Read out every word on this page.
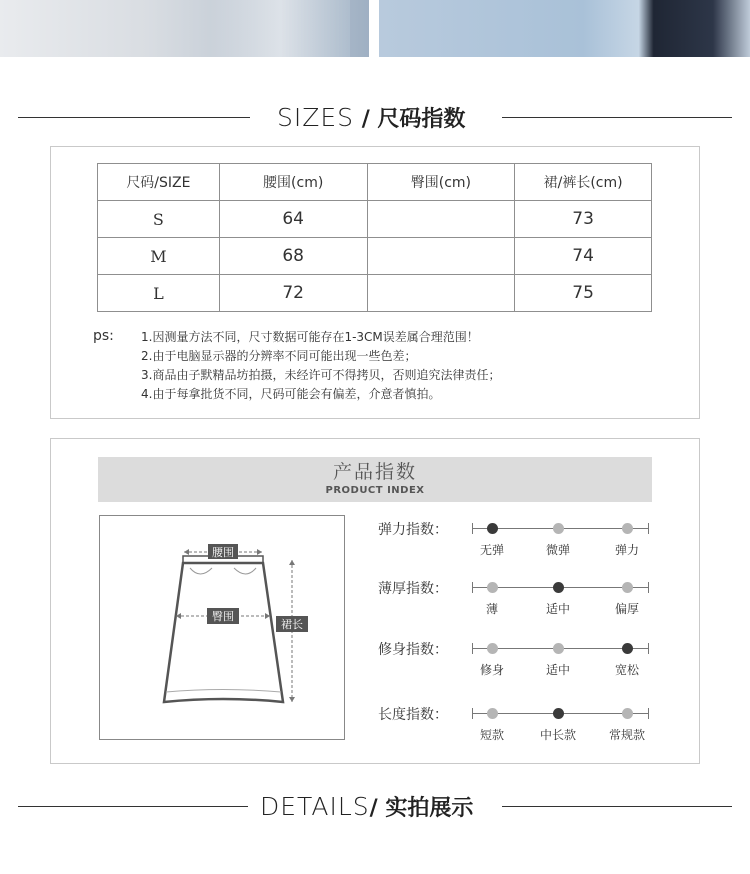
SIZES / 尺码指数
尺码/SIZE	腰围(cm)	臀围(cm)	裙/裤长(cm)
S	64		73
M	68		74
L	72		75
ps: 1.因测量方法不同，尺寸数据可能存在1-3CM误差属合理范围！
2.由于电脑显示器的分辨率不同可能出现一些色差；
3.商品由子默精品坊拍摄，未经许可不得拷贝，否则追究法律责任；
4.由于每拿批货不同，尺码可能会有偏差，介意者慎拍。
产品指数
PRODUCT INDEX
腰围
臀围
裙长
弹力指数：
无弹	微弹	弹力
薄厚指数：
薄	适中	偏厚
修身指数：
修身	适中	宽松
长度指数：
短款	中长款	常规款
DETAILS/ 实拍展示
